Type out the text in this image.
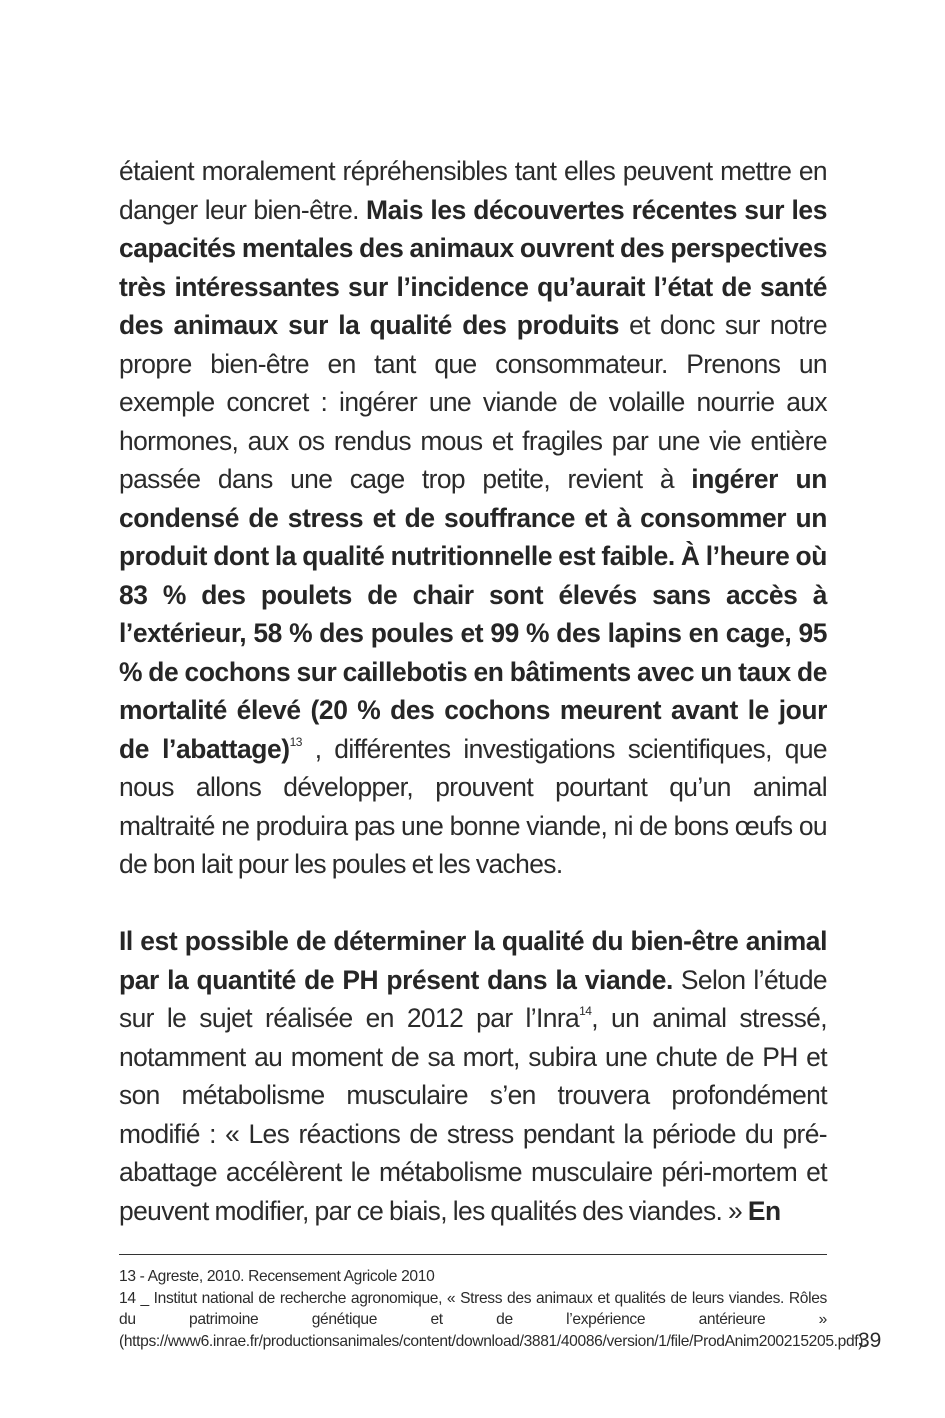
étaient moralement répréhensibles tant elles peuvent mettre en danger leur bien-être. Mais les découvertes récentes sur les capacités mentales des animaux ouvrent des perspectives très intéressantes sur l’incidence qu’aurait l’état de santé des animaux sur la qualité des produits et donc sur notre propre bien-être en tant que consommateur. Prenons un exemple concret : ingérer une viande de volaille nourrie aux hormones, aux os rendus mous et fragiles par une vie entière passée dans une cage trop petite, revient à ingérer un condensé de stress et de souffrance et à consommer un produit dont la qualité nutritionnelle est faible. À l’heure où 83 % des poulets de chair sont élevés sans accès à l’extérieur, 58 % des poules et 99 % des lapins en cage, 95 % de cochons sur caillebotis en bâtiments avec un taux de mortalité élevé (20 % des cochons meurent avant le jour de l’abattage)$^{13}$ , différentes investigations scientifiques, que nous allons développer, prouvent pourtant qu’un animal maltraité ne produira pas une bonne viande, ni de bons œufs ou de bon lait pour les poules et les vaches.

Il est possible de déterminer la qualité du bien-être animal par la quantité de PH présent dans la viande. Selon l’étude sur le sujet réalisée en 2012 par l’Inra$^{14}$, un animal stressé, notamment au moment de sa mort, subira une chute de PH et son métabolisme musculaire s’en trouvera profondément modifié : « Les réactions de stress pendant la période du pré-abattage accélèrent le métabolisme musculaire péri-mortem et peuvent modifier, par ce biais, les qualités des viandes. » En

13 - Agreste, 2010. Recensement Agricole 2010

14 _ Institut national de recherche agronomique, « Stress des animaux et qualités de leurs viandes. Rôles du patrimoine génétique et de l’expérience antérieure » (https://www6.inrae.fr/productionsanimales/content/download/3881/40086/version/1/file/ProdAnim200215205.pdf).

39
